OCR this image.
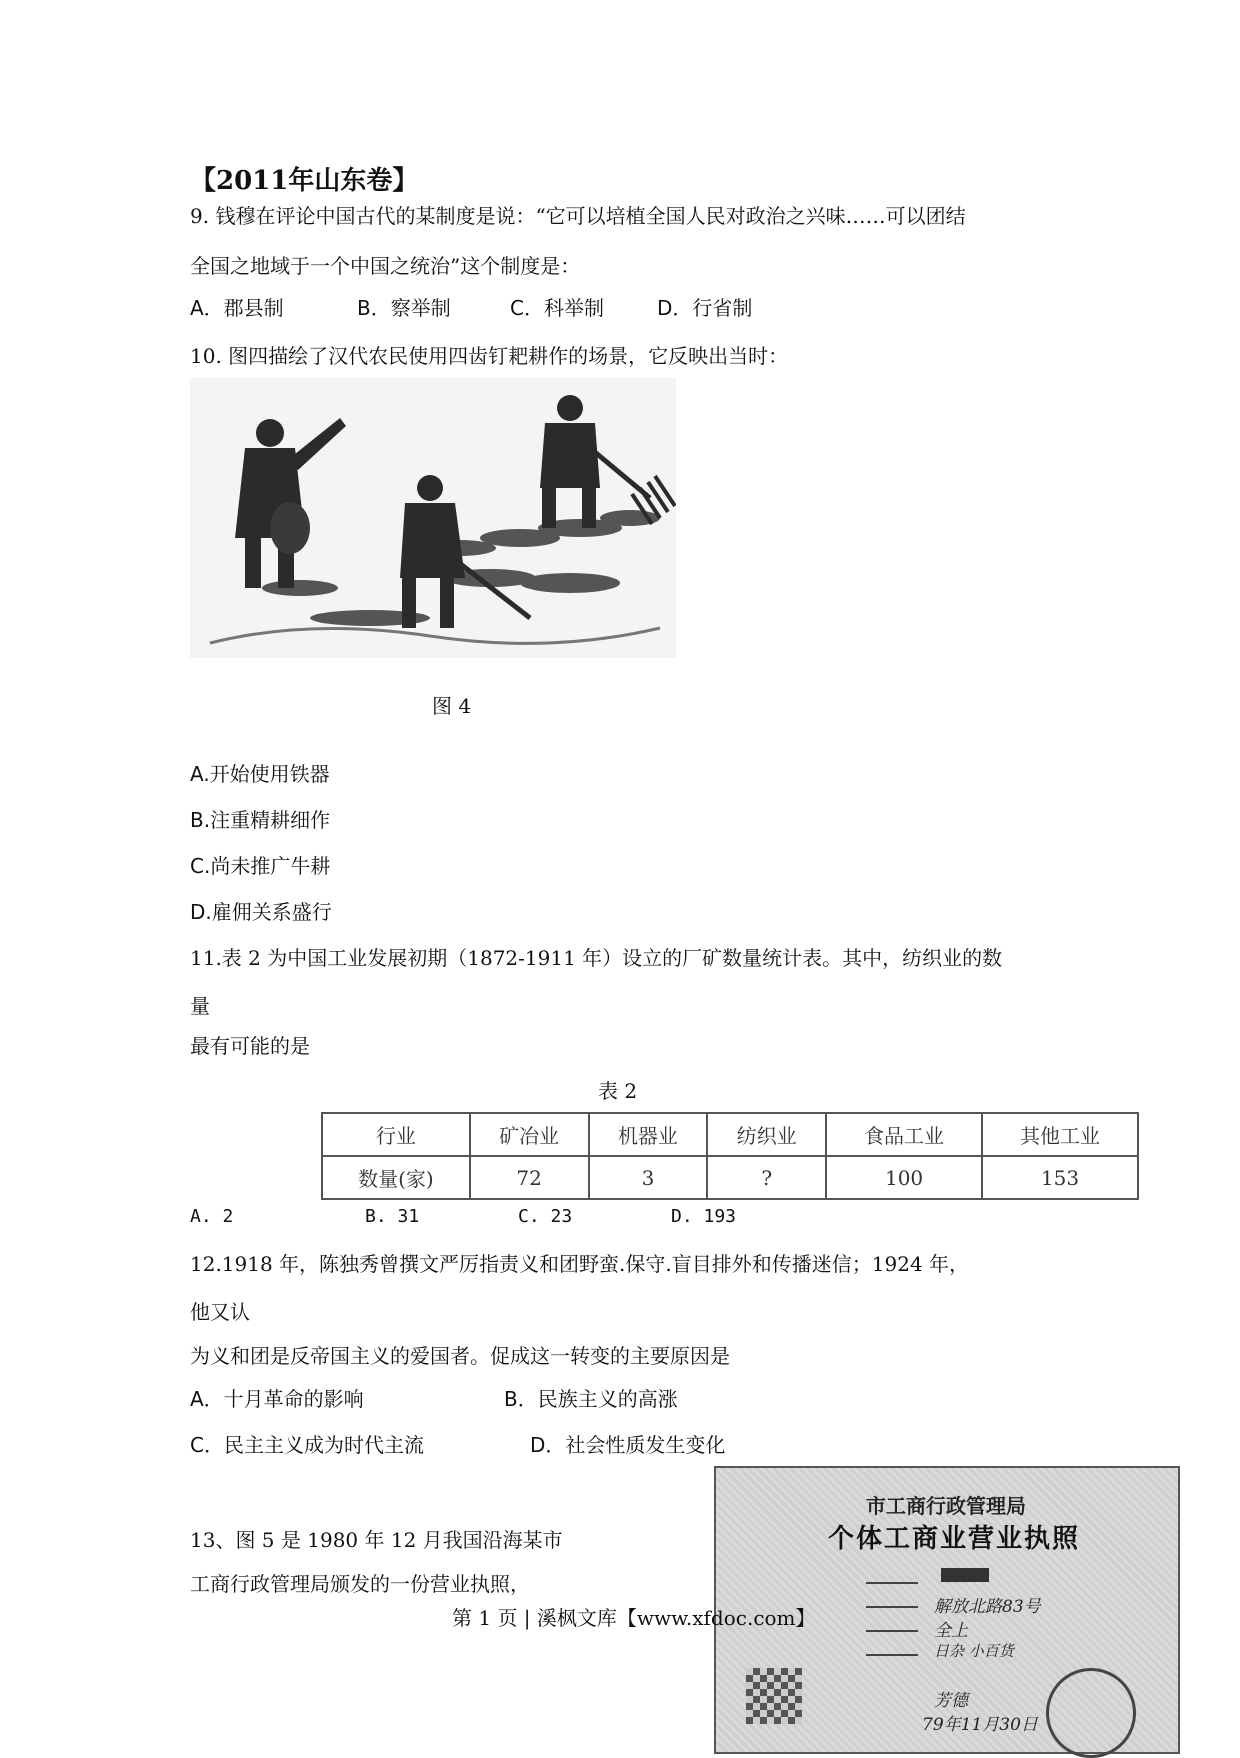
【2011年山东卷】
9. 钱穆在评论中国古代的某制度是说：“它可以培植全国人民对政治之兴味……可以团结
全国之地域于一个中国之统治”这个制度是：
A．郡县制	B．察举制	C．科举制	D．行省制
10. 图四描绘了汉代农民使用四齿钉耙耕作的场景，它反映出当时：
图 4
A.开始使用铁器
B.注重精耕细作
C.尚未推广牛耕
D.雇佣关系盛行
11.表 2 为中国工业发展初期（1872-1911 年）设立的厂矿数量统计表。其中，纺织业的数
量
最有可能的是
表 2
行业	矿冶业	机器业	纺织业	食品工业	其他工业
数量(家)	72	3	?	100	153
A. 2	B. 31	C. 23	D. 193
12.1918 年，陈独秀曾撰文严厉指责义和团野蛮.保守.盲目排外和传播迷信；1924 年，
他又认
为义和团是反帝国主义的爱国者。促成这一转变的主要原因是
A．十月革命的影响	B．民族主义的高涨
C．民主主义成为时代主流	D．社会性质发生变化
13、图 5 是 1980 年 12 月我国沿海某市
工商行政管理局颁发的一份营业执照，
市工商行政管理局
个体工商业营业执照
解放北路83号
全上
日杂 小百货
芳德
79年11月30日
第 1 页 | 溪枫文库【www.xfdoc.com】
